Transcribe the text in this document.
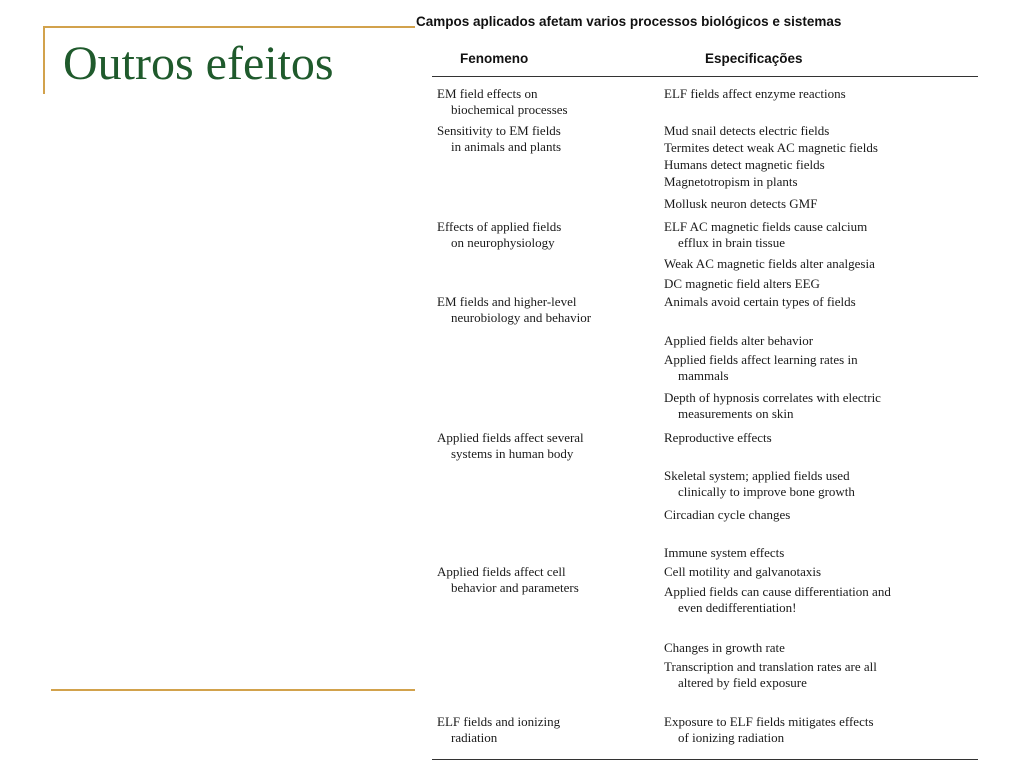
Outros efeitos
Campos aplicados afetam varios processos biológicos e sistemas
Fenomeno	Especificações
EM field effects on
biochemical processes
Sensitivity to EM fields
in animals and plants
Effects of applied fields
on neurophysiology
EM fields and higher-level
neurobiology and behavior
Applied fields affect several
systems in human body
Applied fields affect cell
behavior and parameters
ELF fields and ionizing
radiation
ELF fields affect enzyme reactions
Mud snail detects electric fields
Termites detect weak AC magnetic fields
Humans detect magnetic fields
Magnetotropism in plants
Mollusk neuron detects GMF
ELF AC magnetic fields cause calcium
efflux in brain tissue
Weak AC magnetic fields alter analgesia
DC magnetic field alters EEG
Animals avoid certain types of fields
Applied fields alter behavior
Applied fields affect learning rates in
mammals
Depth of hypnosis correlates with electric
measurements on skin
Reproductive effects
Skeletal system; applied fields used
clinically to improve bone growth
Circadian cycle changes
Immune system effects
Cell motility and galvanotaxis
Applied fields can cause differentiation and
even dedifferentiation!
Changes in growth rate
Transcription and translation rates are all
altered by field exposure
Exposure to ELF fields mitigates effects
of ionizing radiation
